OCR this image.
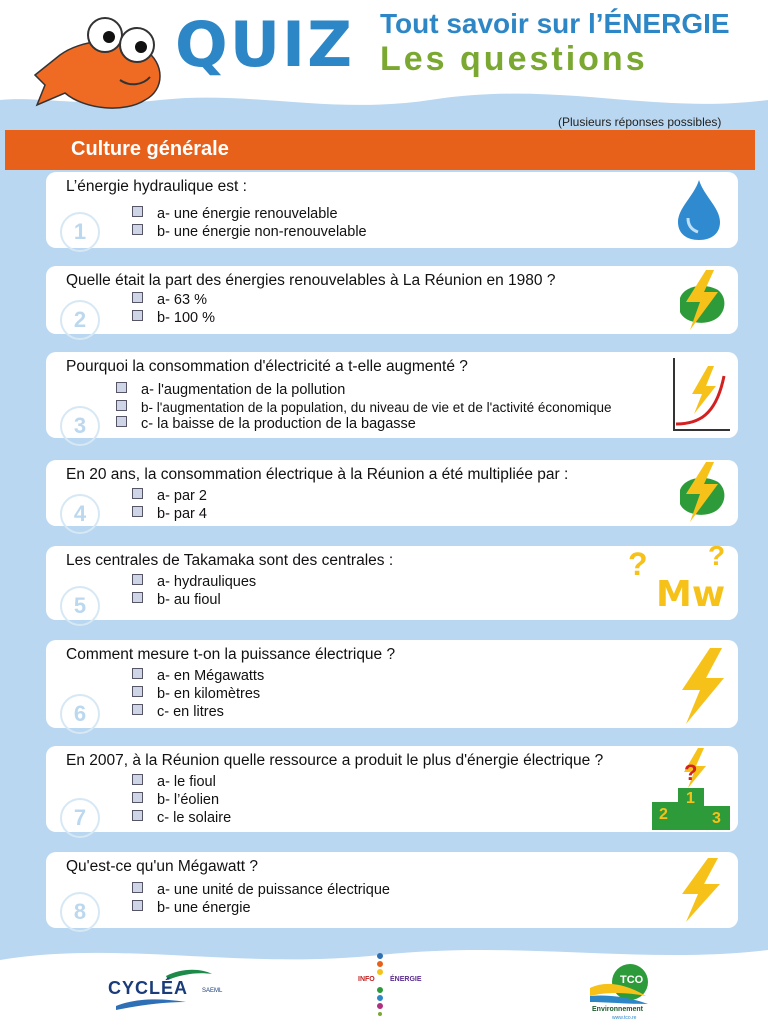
QUIZ Tout savoir sur l’ÉNERGIE
Les questions
(Plusieurs réponses possibles)
Culture générale
L’énergie hydraulique est :
1
a- une énergie renouvelable
b- une énergie non-renouvelable
Quelle était la part des énergies renouvelables à La Réunion en 1980 ?
2
a- 63 %
b- 100 %
Pourquoi la consommation d'électricité a t-elle augmenté ?
3
a- l'augmentation de la pollution
b- l'augmentation de la population, du niveau de vie et de l'activité économique
c- la baisse de la production de la bagasse
En 20 ans, la consommation électrique à la Réunion a été multipliée par :
4
a- par 2
b- par 4
Les centrales de Takamaka sont des centrales :
5
a- hydrauliques
b- au fioul
? ?
Mw
Comment mesure t-on la puissance électrique ?
6
a- en Mégawatts
b- en kilomètres
c- en litres
En 2007, à la Réunion quelle ressource a produit le plus d'énergie électrique ?
7
a- le fioul
b- l’éolien
c- le solaire
?
2
1
3
Qu'est-ce qu'un Mégawatt ?
8
a- une unité de puissance électrique
b- une énergie
CYCLÉA SAEML
INFO ÉNERGIE	TCO
Environnement
www.tco.re
